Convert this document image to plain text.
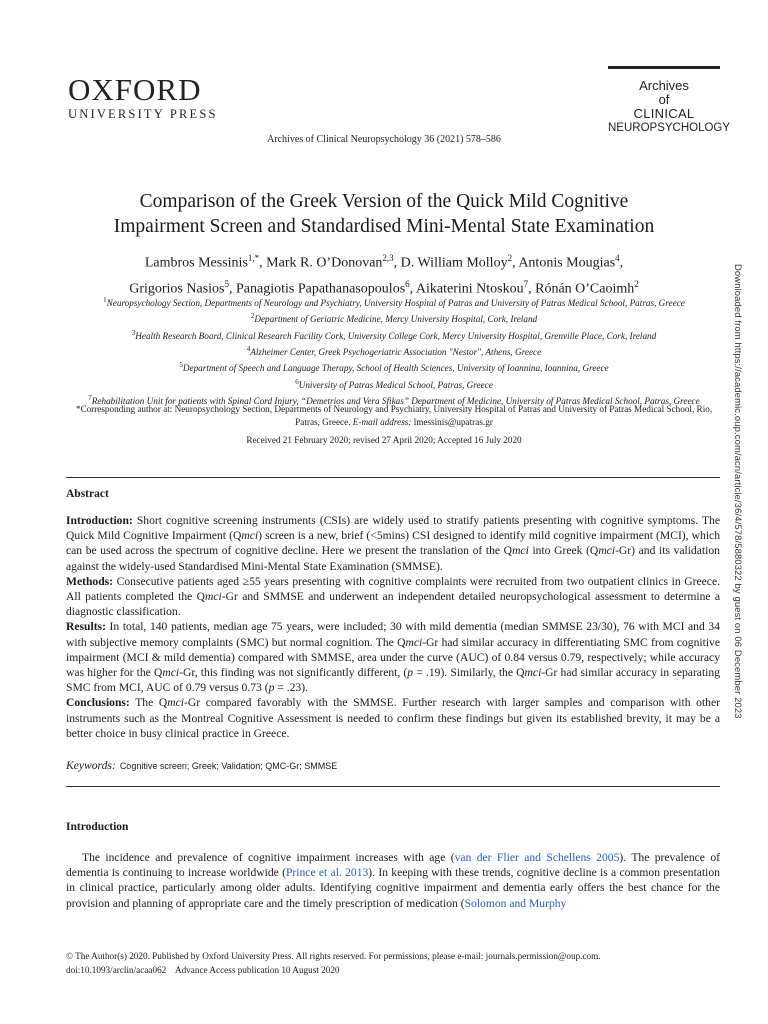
OXFORD
UNIVERSITY PRESS
Archives
of
CLINICAL
NEUROPSYCHOLOGY
Archives of Clinical Neuropsychology 36 (2021) 578–586
Comparison of the Greek Version of the Quick Mild Cognitive
Impairment Screen and Standardised Mini-Mental State Examination
Lambros Messinis$^{1,*}$, Mark R. O’Donovan$^{2,3}$, D. William Molloy$^2$, Antonis Mougias$^4$,
Grigorios Nasios$^5$, Panagiotis Papathanasopoulos$^6$, Aikaterini Ntoskou$^7$, Rónán O’Caoimh$^2$
$^1$Neuropsychology Section, Departments of Neurology and Psychiatry, University Hospital of Patras and University of Patras Medical School, Patras, Greece
$^2$Department of Geriatric Medicine, Mercy University Hospital, Cork, Ireland
$^3$Health Research Board, Clinical Research Facility Cork, University College Cork, Mercy University Hospital, Grenville Place, Cork, Ireland
$^4$Alzheimer Center, Greek Psychogeriatric Association "Nestor", Athens, Greece
$^5$Department of Speech and Language Therapy, School of Health Sciences, University of Ioannina, Ioannina, Greece
$^6$University of Patras Medical School, Patras, Greece
$^7$Rehabilitation Unit for patients with Spinal Cord Injury, “Demetrios and Vera Sfikas” Department of Medicine, University of Patras Medical School, Patras, Greece
*Corresponding author at: Neuropsychology Section, Departments of Neurology and Psychiatry, University Hospital of Patras and University of Patras Medical School, Rio, Patras, Greece. E-mail address: lmessinis@upatras.gr
Received 21 February 2020; revised 27 April 2020; Accepted 16 July 2020
Abstract

Introduction: Short cognitive screening instruments (CSIs) are widely used to stratify patients presenting with cognitive symptoms. The Quick Mild Cognitive Impairment (Qmci) screen is a new, brief (<5mins) CSI designed to identify mild cognitive impairment (MCI), which can be used across the spectrum of cognitive decline. Here we present the translation of the Qmci into Greek (Qmci-Gr) and its validation against the widely-used Standardised Mini-Mental State Examination (SMMSE).

Methods: Consecutive patients aged ≥55 years presenting with cognitive complaints were recruited from two outpatient clinics in Greece. All patients completed the Qmci-Gr and SMMSE and underwent an independent detailed neuropsychological assessment to determine a diagnostic classification.

Results: In total, 140 patients, median age 75 years, were included; 30 with mild dementia (median SMMSE 23/30), 76 with MCI and 34 with subjective memory complaints (SMC) but normal cognition. The Qmci-Gr had similar accuracy in differentiating SMC from cognitive impairment (MCI & mild dementia) compared with SMMSE, area under the curve (AUC) of 0.84 versus 0.79, respectively; while accuracy was higher for the Qmci-Gr, this finding was not significantly different, (p = .19). Similarly, the Qmci-Gr had similar accuracy in separating SMC from MCI, AUC of 0.79 versus 0.73 (p = .23).

Conclusions: The Qmci-Gr compared favorably with the SMMSE. Further research with larger samples and comparison with other instruments such as the Montreal Cognitive Assessment is needed to confirm these findings but given its established brevity, it may be a better choice in busy clinical practice in Greece.

Keywords: Cognitive screen; Greek; Validation; QMC-Gr; SMMSE
Introduction
The incidence and prevalence of cognitive impairment increases with age (van der Flier and Schellens 2005). The prevalence of dementia is continuing to increase worldwide (Prince et al. 2013). In keeping with these trends, cognitive decline is a common presentation in clinical practice, particularly among older adults. Identifying cognitive impairment and dementia early offers the best chance for the provision and planning of appropriate care and the timely prescription of medication (Solomon and Murphy
© The Author(s) 2020. Published by Oxford University Press. All rights reserved. For permissions, please e-mail: journals.permission@oup.com.
doi:10.1093/arclin/acaa062    Advance Access publication 10 August 2020
Downloaded from https://academic.oup.com/acn/article/36/4/578/5880322 by guest on 06 December 2023
